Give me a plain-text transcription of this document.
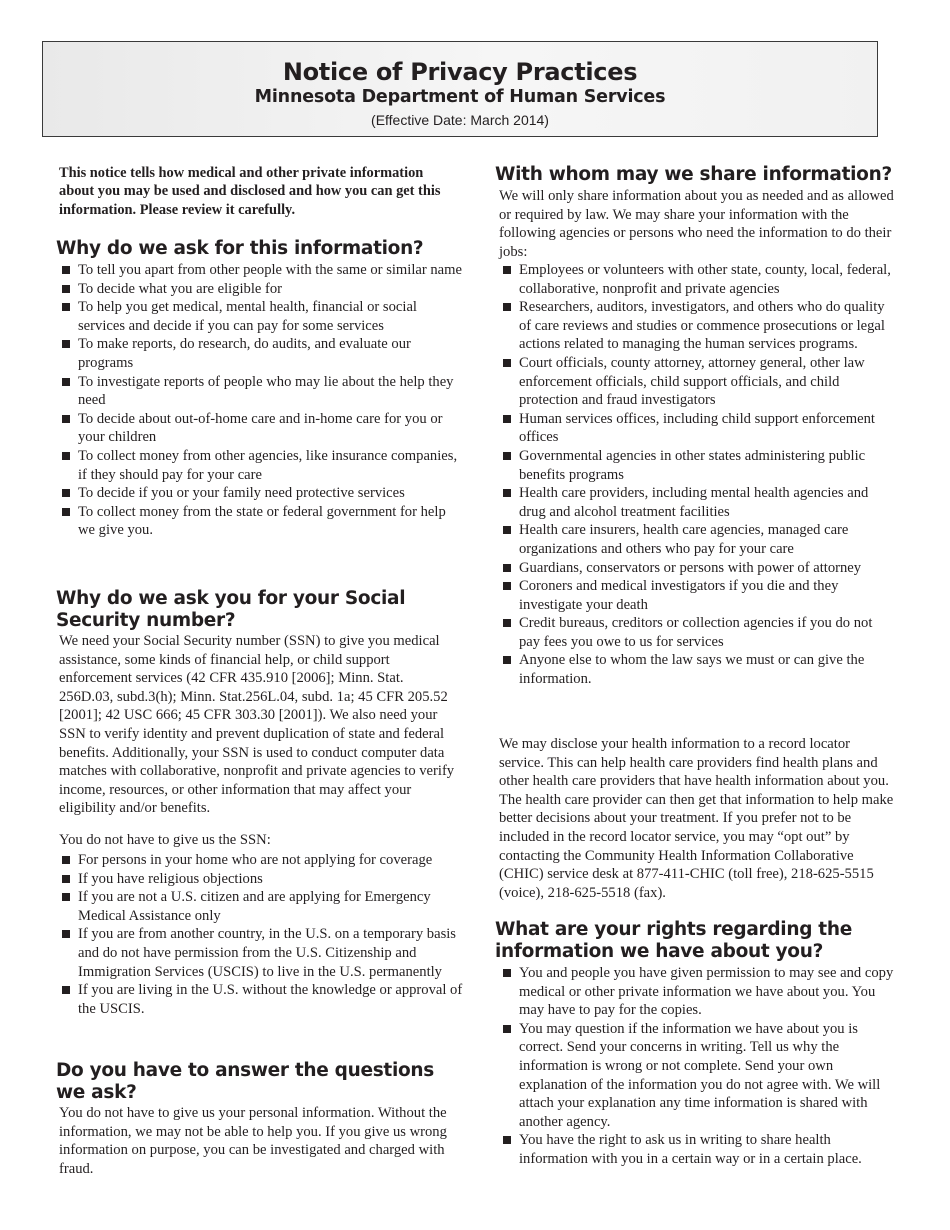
Notice of Privacy Practices
Minnesota Department of Human Services
(Effective Date: March 2014)

This notice tells how medical and other private information about you may be used and disclosed and how you can get this information. Please review it carefully.

Why do we ask for this information?
To tell you apart from other people with the same or similar name
To decide what you are eligible for
To help you get medical, mental health, financial or social services and decide if you can pay for some services
To make reports, do research, do audits, and evaluate our programs
To investigate reports of people who may lie about the help they need
To decide about out-of-home care and in-home care for you or your children
To collect money from other agencies, like insurance companies, if they should pay for your care
To decide if you or your family need protective services
To collect money from the state or federal government for help we give you.
Why do we ask you for your Social Security number?

We need your Social Security number (SSN) to give you medical assistance, some kinds of financial help, or child support enforcement services (42 CFR 435.910 [2006]; Minn. Stat. 256D.03, subd.3(h); Minn. Stat.256L.04, subd. 1a; 45 CFR 205.52 [2001]; 42 USC 666; 45 CFR 303.30 [2001]). We also need your SSN to verify identity and prevent duplication of state and federal benefits. Additionally, your SSN is used to conduct computer data matches with collaborative, nonprofit and private agencies to verify income, resources, or other information that may affect your eligibility and/or benefits.

You do not have to give us the SSN:

For persons in your home who are not applying for coverage
If you have religious objections
If you are not a U.S. citizen and are applying for Emergency Medical Assistance only
If you are from another country, in the U.S. on a temporary basis and do not have permission from the U.S. Citizenship and Immigration Services (USCIS) to live in the U.S. permanently
If you are living in the U.S. without the knowledge or approval of the USCIS.
Do you have to answer the questions we ask?

You do not have to give us your personal information. Without the information, we may not be able to help you. If you give us wrong information on purpose, you can be investigated and charged with fraud.

With whom may we share information?

We will only share information about you as needed and as allowed or required by law. We may share your information with the following agencies or persons who need the information to do their jobs:

Employees or volunteers with other state, county, local, federal, collaborative, nonprofit and private agencies
Researchers, auditors, investigators, and others who do quality of care reviews and studies or commence prosecutions or legal actions related to managing the human services programs.
Court officials, county attorney, attorney general, other law enforcement officials, child support officials, and child protection and fraud investigators
Human services offices, including child support enforcement offices
Governmental agencies in other states administering public benefits programs
Health care providers, including mental health agencies and drug and alcohol treatment facilities
Health care insurers, health care agencies, managed care organizations and others who pay for your care
Guardians, conservators or persons with power of attorney
Coroners and medical investigators if you die and they investigate your death
Credit bureaus, creditors or collection agencies if you do not pay fees you owe to us for services
Anyone else to whom the law says we must or can give the information.

We may disclose your health information to a record locator service. This can help health care providers find health plans and other health care providers that have health information about you. The health care provider can then get that information to help make better decisions about your treatment. If you prefer not to be included in the record locator service, you may “opt out” by contacting the Community Health Information Collaborative (CHIC) service desk at 877-411-CHIC (toll free), 218-625-5515 (voice), 218-625-5518 (fax).

What are your rights regarding the information we have about you?
You and people you have given permission to may see and copy medical or other private information we have about you. You may have to pay for the copies.
You may question if the information we have about you is correct. Send your concerns in writing. Tell us why the information is wrong or not complete. Send your own explanation of the information you do not agree with. We will attach your explanation any time information is shared with another agency.
You have the right to ask us in writing to share health information with you in a certain way or in a certain place.
